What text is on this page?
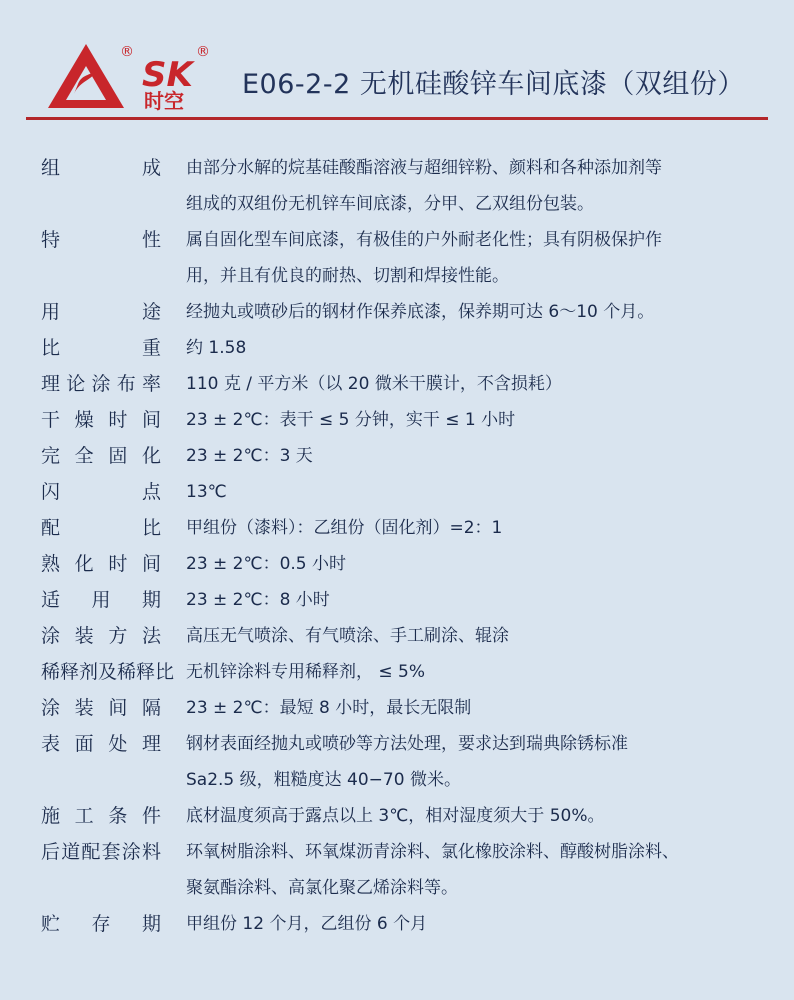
®
SK
®
时空
E06-2-2 无机硅酸锌车间底漆（双组份）
组成 由部分水解的烷基硅酸酯溶液与超细锌粉、颜料和各种添加剂等
组成的双组份无机锌车间底漆，分甲、乙双组份包装。
特性 属自固化型车间底漆，有极佳的户外耐老化性；具有阴极保护作
用，并且有优良的耐热、切割和焊接性能。
用途 经抛丸或喷砂后的钢材作保养底漆，保养期可达 6～10 个月。
比重 约 1.58
理论涂布率 110 克 / 平方米（以 20 微米干膜计，不含损耗）
干燥时间 23 ± 2℃：表干 ≤ 5 分钟，实干 ≤ 1 小时
完全固化 23 ± 2℃：3 天
闪点 13℃
配比 甲组份（漆料）：乙组份（固化剂）=2：1
熟化时间 23 ± 2℃：0.5 小时
适用期 23 ± 2℃：8 小时
涂装方法 高压无气喷涂、有气喷涂、手工刷涂、辊涂
稀释剂及稀释比 无机锌涂料专用稀释剂， ≤ 5%
涂装间隔 23 ± 2℃：最短 8 小时，最长无限制
表面处理 钢材表面经抛丸或喷砂等方法处理，要求达到瑞典除锈标准
Sa2.5 级，粗糙度达 40−70 微米。
施工条件 底材温度须高于露点以上 3℃，相对湿度须大于 50%。
后道配套涂料 环氧树脂涂料、环氧煤沥青涂料、氯化橡胶涂料、醇酸树脂涂料、
聚氨酯涂料、高氯化聚乙烯涂料等。
贮存期 甲组份 12 个月，乙组份 6 个月
